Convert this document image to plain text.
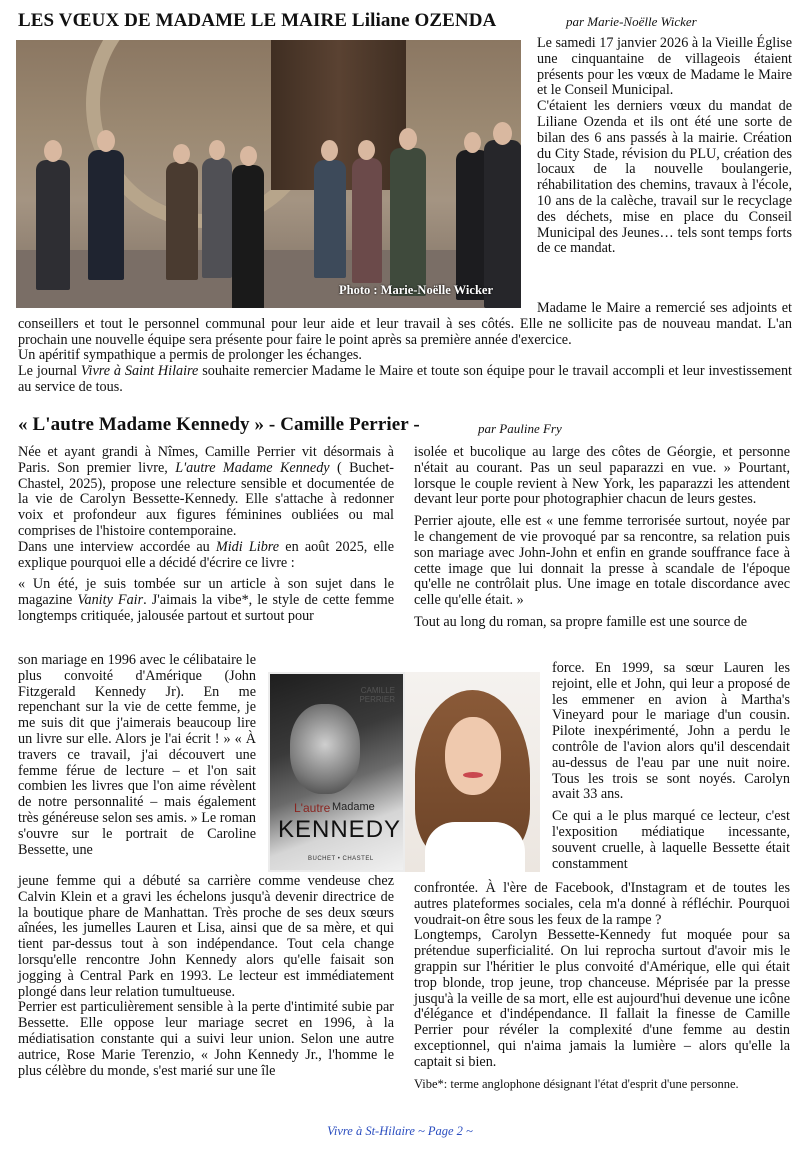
LES VŒUX DE MADAME LE MAIRE Liliane OZENDA	par Marie-Noëlle Wicker
Photo : Marie-Noëlle Wicker

Le samedi 17 janvier 2026 à la Vieille Église une cinquantaine de villageois étaient présents pour les vœux de Madame le Maire et le Conseil Municipal.

C'étaient les derniers vœux du mandat de Liliane Ozenda et ils ont été une sorte de bilan des 6 ans passés à la mairie. Création du City Stade, révision du PLU, création des locaux de la nouvelle boulangerie, réhabilitation des chemins, travaux à l'école, 10 ans de la calèche, travail sur le recyclage des déchets, mise en place du Conseil Municipal des Jeunes… tels sont temps forts de ce mandat.

Madame le Maire a remercié ses adjoints et conseillers et tout le personnel communal pour leur aide et leur travail à ses côtés. Elle ne sollicite pas de nouveau mandat. L'an prochain une nouvelle équipe sera présente pour faire le point après sa première année d'exercice.

Un apéritif sympathique a permis de prolonger les échanges.

Le journal Vivre à Saint Hilaire souhaite remercier Madame le Maire et toute son équipe pour le travail accompli et leur investissement au service de tous.

« L'autre Madame Kennedy » - Camille Perrier -	par Pauline Fry

Née et ayant grandi à Nîmes, Camille Perrier vit désormais à Paris. Son premier livre, L'autre Madame Kennedy ( Buchet- Chastel, 2025), propose une relecture sensible et documentée de la vie de Carolyn Bessette-Kennedy. Elle s'attache à redonner voix et profondeur aux figures féminines oubliées ou mal comprises de l'histoire contemporaine.

Dans une interview accordée au Midi Libre en août 2025, elle explique pourquoi elle a décidé d'écrire ce livre :

« Un été, je suis tombée sur un article à son sujet dans le magazine Vanity Fair. J'aimais la vibe*, le style de cette femme longtemps critiquée, jalousée partout et surtout pour

son mariage en 1996 avec le célibataire le plus convoité d'Amérique (John Fitzgerald Kennedy Jr). En me repenchant sur la vie de cette femme, je me suis dit que j'aimerais beaucoup lire un livre sur elle. Alors je l'ai écrit ! » « À travers ce travail, j'ai découvert une femme férue de lecture – et l'on sait combien les livres que l'on aime révèlent de notre personnalité – mais également très généreuse selon ses amis. » Le roman s'ouvre sur le portrait de Caroline Bessette, une

jeune femme qui a débuté sa carrière comme vendeuse chez Calvin Klein et a gravi les échelons jusqu'à devenir directrice de la boutique phare de Manhattan. Très proche de ses deux sœurs aînées, les jumelles Lauren et Lisa, ainsi que de sa mère, et qui tient par-dessus tout à son indépendance. Tout cela change lorsqu'elle rencontre John Kennedy alors qu'elle faisait son jogging à Central Park en 1993. Le lecteur est immédiatement plongé dans leur relation tumultueuse.

Perrier est particulièrement sensible à la perte d'intimité subie par Bessette. Elle oppose leur mariage secret en 1996, à la médiatisation constante qui a suivi leur union. Selon une autre autrice, Rose Marie Terenzio, « John Kennedy Jr., l'homme le plus célèbre du monde, s'est marié sur une île

CAMILLE
PERRIER
L'autre Madame
KENNEDY
BUCHET • CHASTEL

isolée et bucolique au large des côtes de Géorgie, et personne n'était au courant. Pas un seul paparazzi en vue. » Pourtant, lorsque le couple revient à New York, les paparazzi les attendent devant leur porte pour photographier chacun de leurs gestes.

Perrier ajoute, elle est « une femme terrorisée surtout, noyée par le changement de vie provoqué par sa rencontre, sa relation puis son mariage avec John-John et enfin en grande souffrance face à cette image que lui donnait la presse à scandale de l'époque qu'elle ne contrôlait plus. Une image en totale discordance avec celle qu'elle était. »

Tout au long du roman, sa propre famille est une source de

force. En 1999, sa sœur Lauren les rejoint, elle et John, qui leur a proposé de les emmener en avion à Martha's Vineyard pour le mariage d'un cousin. Pilote inexpérimenté, John a perdu le contrôle de l'avion alors qu'il descendait au-dessus de l'eau par une nuit noire. Tous les trois se sont noyés. Carolyn avait 33 ans.

Ce qui a le plus marqué ce lecteur, c'est l'exposition médiatique incessante, souvent cruelle, à laquelle Bessette était constamment

confrontée. À l'ère de Facebook, d'Instagram et de toutes les autres plateformes sociales, cela m'a donné à réfléchir. Pourquoi voudrait-on être sous les feux de la rampe ?

Longtemps, Carolyn Bessette-Kennedy fut moquée pour sa prétendue superficialité. On lui reprocha surtout d'avoir mis le grappin sur l'héritier le plus convoité d'Amérique, elle qui était trop blonde, trop jeune, trop chanceuse. Méprisée par la presse jusqu'à la veille de sa mort, elle est aujourd'hui devenue une icône d'élégance et d'indépendance. Il fallait la finesse de Camille Perrier pour révéler la complexité d'une femme au destin exceptionnel, qui n'aima jamais la lumière – alors qu'elle la captait si bien.

Vibe*: terme anglophone désignant l'état d'esprit d'une personne.

Vivre à St-Hilaire ~ Page 2 ~
